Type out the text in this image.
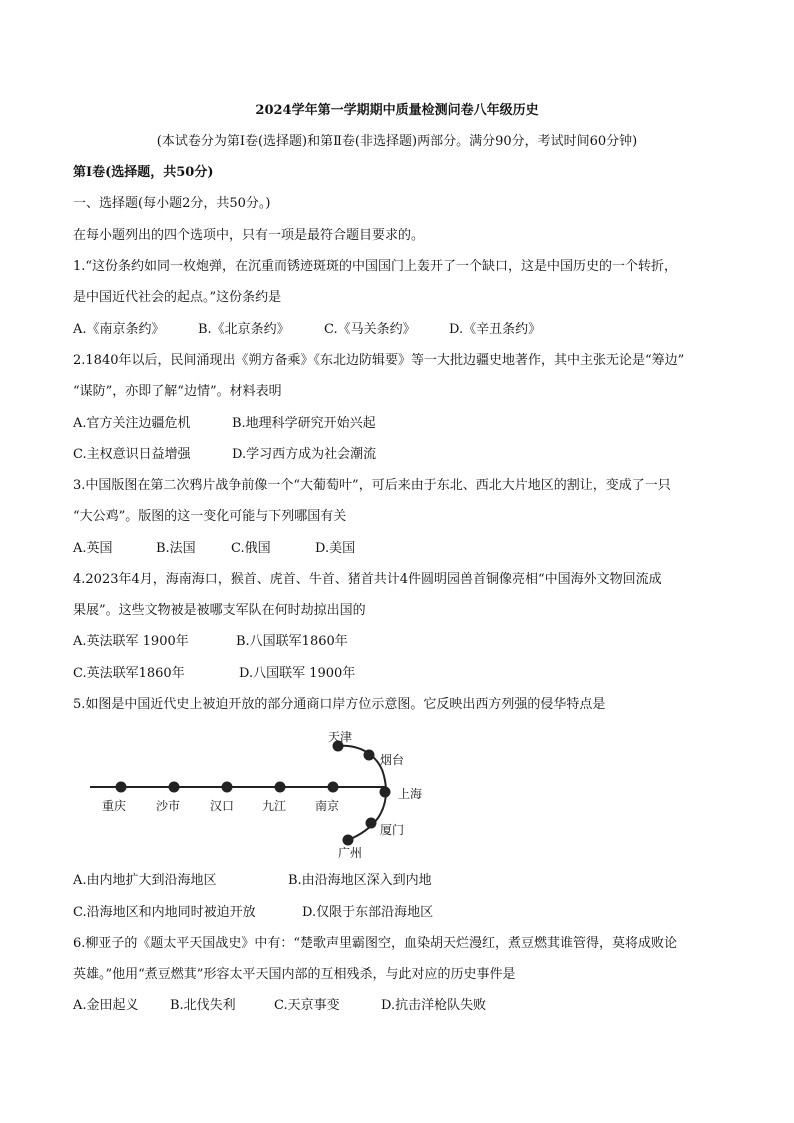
2024学年第一学期期中质量检测问卷八年级历史
(本试卷分为第Ⅰ卷(选择题)和第Ⅱ卷(非选择题)两部分。满分90分，考试时间60分钟)
第Ⅰ卷(选择题，共50分)
一、选择题(每小题2分，共50分。)
在每小题列出的四个选项中，只有一项是最符合题目要求的。
1.“这份条约如同一枚炮弹，在沉重而锈迹斑斑的中国国门上轰开了一个缺口，这是中国历史的一个转折，
是中国近代社会的起点。”这份条约是
A.《南京条约》	B.《北京条约》	C.《马关条约》	D.《辛丑条约》
2.1840年以后，民间涌现出《朔方备乘》《东北边防辑要》等一大批边疆史地著作，其中主张无论是“筹边”
“谋防”，亦即了解“边情”。材料表明
A.官方关注边疆危机	B.地理科学研究开始兴起
C.主权意识日益增强	D.学习西方成为社会潮流
3.中国版图在第二次鸦片战争前像一个“大葡萄叶”，可后来由于东北、西北大片地区的割让，变成了一只
“大公鸡”。版图的这一变化可能与下列哪国有关
A.英国	B.法国	C.俄国	D.美国
4.2023年4月，海南海口，猴首、虎首、牛首、猪首共计4件圆明园兽首铜像亮相“中国海外文物回流成
果展”。这些文物被是被哪支军队在何时劫掠出国的
A.英法联军 1900年	B.八国联军1860年
C.英法联军1860年	D.八国联军 1900年
5.如图是中国近代史上被迫开放的部分通商口岸方位示意图。它反映出西方列强的侵华特点是
重庆 沙市 汉口 九江 南京
天津
烟台
上海
厦门
广州
A.由内地扩大到沿海地区	B.由沿海地区深入到内地
C.沿海地区和内地同时被迫开放	D.仅限于东部沿海地区
6.柳亚子的《题太平天国战史》中有：“楚歌声里霸图空，血染胡天烂漫红，煮豆燃萁谁管得，莫将成败论
英雄。”他用“煮豆燃萁”形容太平天国内部的互相残杀，与此对应的历史事件是
A.金田起义 B.北伐失利	C.天京事变	D.抗击洋枪队失败
